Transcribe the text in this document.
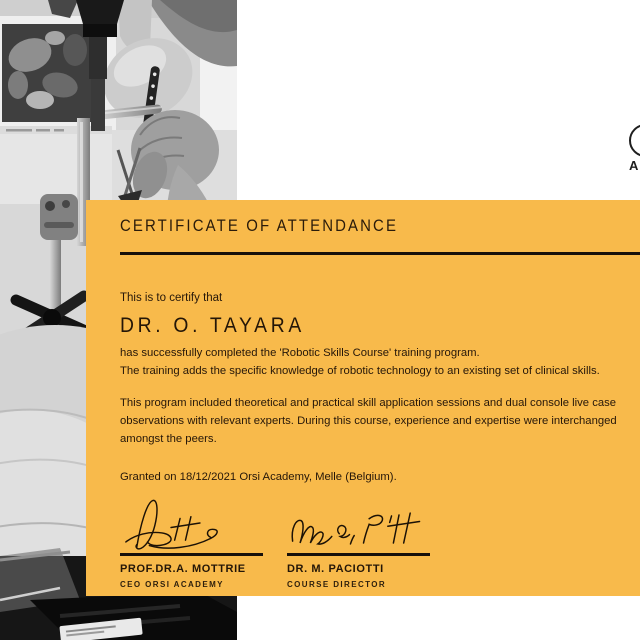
A
CERTIFICATE OF ATTENDANCE

This is to certify that

DR. O. TAYARA

has successfully completed the 'Robotic Skills Course' training program.

The training adds the specific knowledge of robotic technology to an existing set of clinical skills.

This program included theoretical and practical skill application sessions and dual console live case

observations with relevant experts. During this course, experience and expertise were interchanged

amongst the peers.

Granted on 18/12/2021 Orsi Academy, Melle (Belgium).

PROF.DR.A. MOTTRIE
CEO ORSI ACADEMY
DR. M. PACIOTTI
COURSE DIRECTOR
